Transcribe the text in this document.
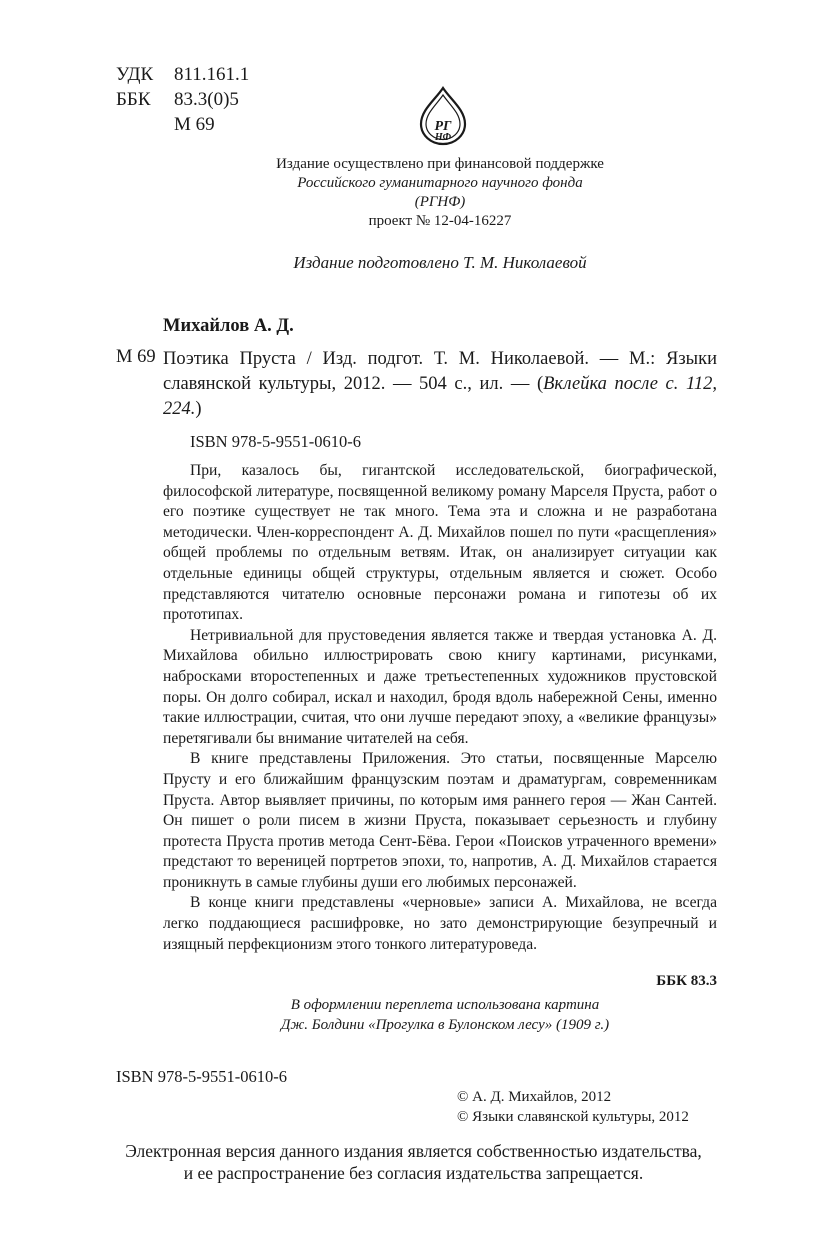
УДК	811.161.1
ББК	83.3(0)5
М 69	РГ
НФ
Издание осуществлено при финансовой поддержке
Российского гуманитарного научного фонда
(РГНФ)
проект № 12-04-16227
Издание подготовлено Т. М. Николаевой
Михайлов А. Д.
М 69 Поэтика Пруста / Изд. подгот. Т. М. Николаевой. — М.: Языки славянской культуры, 2012. — 504 с., ил. — (Вклейка после с. 112, 224.)
ISBN 978-5-9551-0610-6

При, казалось бы, гигантской исследовательской, биографической, философской литературе, посвященной великому роману Марселя Пруста, работ о его поэтике существует не так много. Тема эта и сложна и не разработана методически. Член-корреспондент А. Д. Михайлов пошел по пути «расщепления» общей проблемы по отдельным ветвям. Итак, он анализирует ситуации как отдельные единицы общей структуры, отдельным является и сюжет. Особо представляются читателю основные персонажи романа и гипотезы об их прототипах.

Нетривиальной для прустоведения является также и твердая установка А. Д. Михайлова обильно иллюстрировать свою книгу картинами, рисунками, набросками второстепенных и даже третьестепенных художников прустовской поры. Он долго собирал, искал и находил, бродя вдоль набережной Сены, именно такие иллюстрации, считая, что они лучше передают эпоху, а «великие французы» перетягивали бы внимание читателей на себя.

В книге представлены Приложения. Это статьи, посвященные Марселю Прусту и его ближайшим французским поэтам и драматургам, современникам Пруста. Автор выявляет причины, по которым имя раннего героя — Жан Сантей. Он пишет о роли писем в жизни Пруста, показывает серьезность и глубину протеста Пруста против метода Сент-Бёва. Герои «Поисков утраченного времени» предстают то вереницей портретов эпохи, то, напротив, А. Д. Михайлов старается проникнуть в самые глубины души его любимых персонажей.

В конце книги представлены «черновые» записи А. Михайлова, не всегда легко поддающиеся расшифровке, но зато демонстрирующие безупречный и изящный перфекционизм этого тонкого литературоведа.

ББК 83.3
В оформлении переплета использована картина
Дж. Болдини «Прогулка в Булонском лесу» (1909 г.)
ISBN 978-5-9551-0610-6
© А. Д. Михайлов, 2012
© Языки славянской культуры, 2012
Электронная версия данного издания является собственностью издательства,
и ее распространение без согласия издательства запрещается.
